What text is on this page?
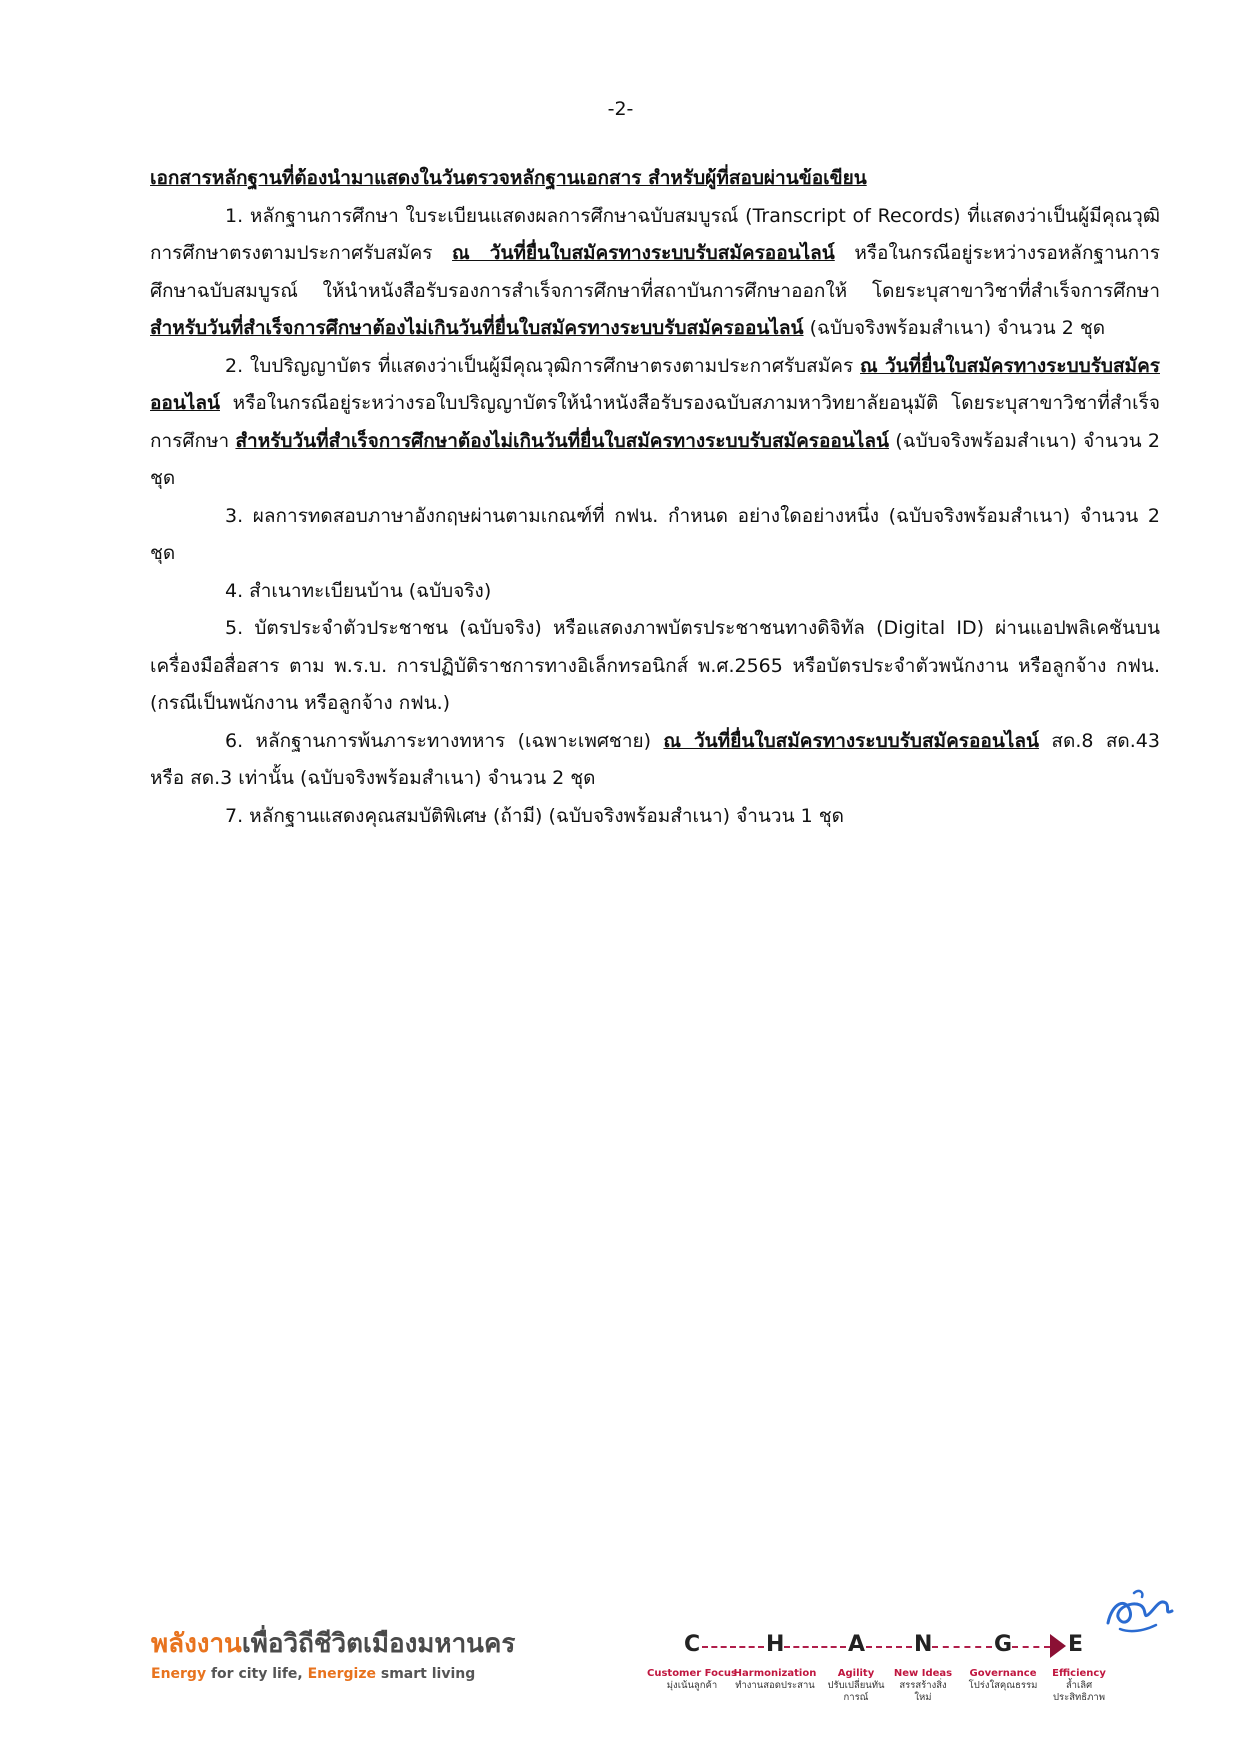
-2-

เอกสารหลักฐานที่ต้องนำมาแสดงในวันตรวจหลักฐานเอกสาร สำหรับผู้ที่สอบผ่านข้อเขียน

1. หลักฐานการศึกษา ใบระเบียนแสดงผลการศึกษาฉบับสมบูรณ์ (Transcript of Records) ที่แสดงว่าเป็นผู้มีคุณวุฒิการศึกษาตรงตามประกาศรับสมัคร ณ วันที่ยื่นใบสมัครทางระบบรับสมัครออนไลน์ หรือในกรณีอยู่ระหว่างรอหลักฐานการศึกษาฉบับสมบูรณ์ ให้นำหนังสือรับรองการสำเร็จการศึกษาที่สถาบันการศึกษาออกให้ โดยระบุสาขาวิชาที่สำเร็จการศึกษา สำหรับวันที่สำเร็จการศึกษาต้องไม่เกินวันที่ยื่นใบสมัครทางระบบรับสมัครออนไลน์ (ฉบับจริงพร้อมสำเนา) จำนวน 2 ชุด

2. ใบปริญญาบัตร ที่แสดงว่าเป็นผู้มีคุณวุฒิการศึกษาตรงตามประกาศรับสมัคร ณ วันที่ยื่นใบสมัครทางระบบรับสมัครออนไลน์ หรือในกรณีอยู่ระหว่างรอใบปริญญาบัตรให้นำหนังสือรับรองฉบับสภามหาวิทยาลัยอนุมัติ โดยระบุสาขาวิชาที่สำเร็จการศึกษา สำหรับวันที่สำเร็จการศึกษาต้องไม่เกินวันที่ยื่นใบสมัครทางระบบรับสมัครออนไลน์ (ฉบับจริงพร้อมสำเนา) จำนวน 2 ชุด

3. ผลการทดสอบภาษาอังกฤษผ่านตามเกณฑ์ที่ กฟน. กำหนด อย่างใดอย่างหนึ่ง (ฉบับจริงพร้อมสำเนา) จำนวน 2 ชุด

4. สำเนาทะเบียนบ้าน (ฉบับจริง)

5. บัตรประจำตัวประชาชน (ฉบับจริง) หรือแสดงภาพบัตรประชาชนทางดิจิทัล (Digital ID) ผ่านแอปพลิเคชันบนเครื่องมือสื่อสาร ตาม พ.ร.บ. การปฏิบัติราชการทางอิเล็กทรอนิกส์ พ.ศ.2565 หรือบัตรประจำตัวพนักงาน หรือลูกจ้าง กฟน. (กรณีเป็นพนักงาน หรือลูกจ้าง กฟน.)

6. หลักฐานการพ้นภาระทางทหาร (เฉพาะเพศชาย) ณ วันที่ยื่นใบสมัครทางระบบรับสมัครออนไลน์ สด.8 สด.43 หรือ สด.3 เท่านั้น (ฉบับจริงพร้อมสำเนา) จำนวน 2 ชุด

7. หลักฐานแสดงคุณสมบัติพิเศษ (ถ้ามี) (ฉบับจริงพร้อมสำเนา) จำนวน 1 ชุด

พลังงานเพื่อวิถีชีวิตเมืองมหานคร
Energy for city life, Energize smart living
C	H	A N	G	E
Customer Focus
มุ่งเน้นลูกค้า
Harmonization
ทำงานสอดประสาน
Agility
ปรับเปลี่ยนทันการณ์
New Ideas
สรรสร้างสิ่งใหม่
Governance
โปร่งใสคุณธรรม
Efficiency
ล้ำเลิศประสิทธิภาพ
